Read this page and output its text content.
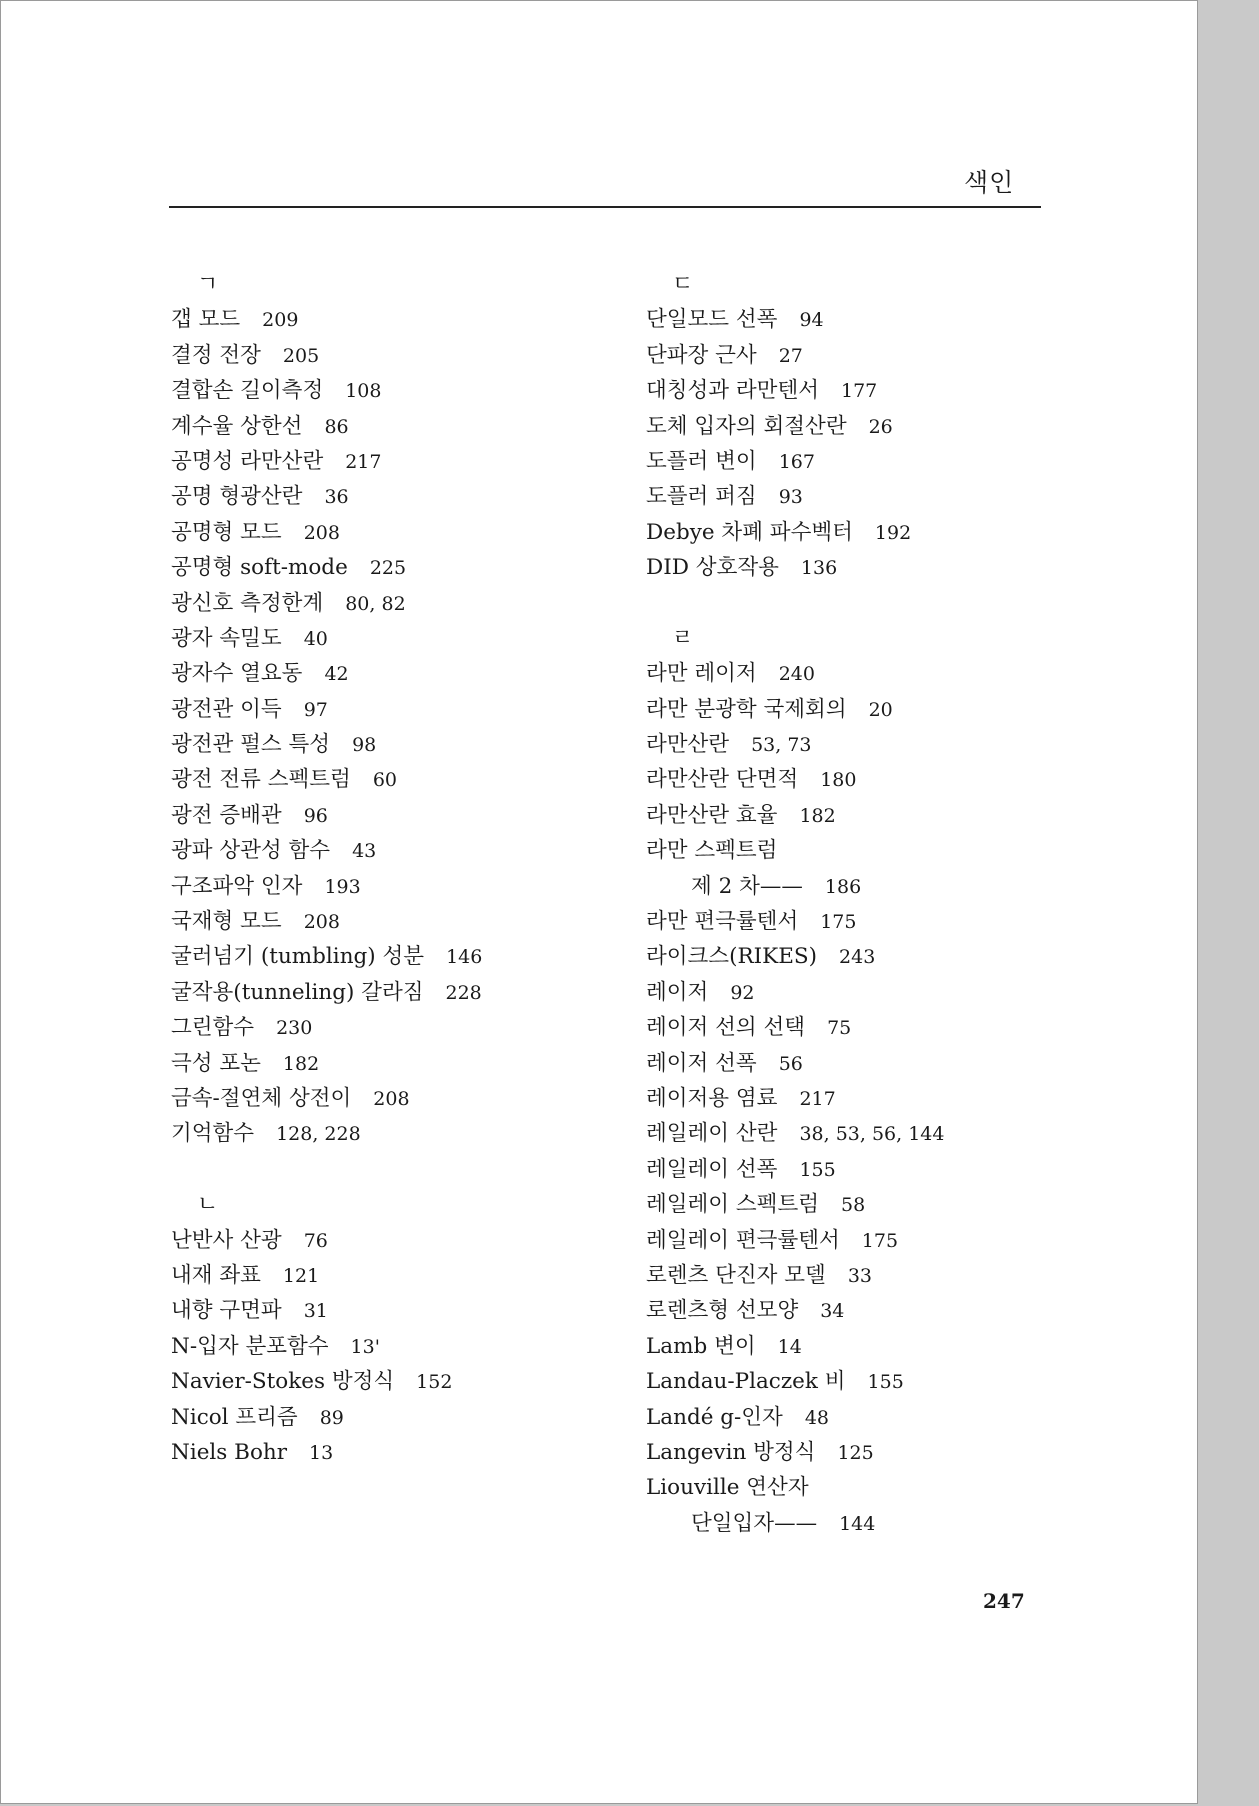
색인
ㄱ
갭 모드 209
결정 전장 205
결합손 길이측정 108
계수율 상한선 86
공명성 라만산란 217
공명 형광산란 36
공명형 모드 208
공명형 soft-mode 225
광신호 측정한계 80, 82
광자 속밀도 40
광자수 열요동 42
광전관 이득 97
광전관 펄스 특성 98
광전 전류 스펙트럼 60
광전 증배관 96
광파 상관성 함수 43
구조파악 인자 193
국재형 모드 208
굴러넘기 (tumbling) 성분 146
굴작용(tunneling) 갈라짐 228
그린함수 230
극성 포논 182
금속-절연체 상전이 208
기억함수 128, 228
ㄴ
난반사 산광 76
내재 좌표 121
내향 구면파 31
N-입자 분포함수 13'
Navier-Stokes 방정식 152
Nicol 프리즘 89
Niels Bohr 13
ㄷ
단일모드 선폭 94
단파장 근사 27
대칭성과 라만텐서 177
도체 입자의 회절산란 26
도플러 변이 167
도플러 퍼짐 93
Debye 차폐 파수벡터 192
DID 상호작용 136
ㄹ
라만 레이저 240
라만 분광학 국제회의 20
라만산란 53, 73
라만산란 단면적 180
라만산란 효율 182
라만 스펙트럼
제 2 차—— 186
라만 편극률텐서 175
라이크스(RIKES) 243
레이저 92
레이저 선의 선택 75
레이저 선폭 56
레이저용 염료 217
레일레이 산란 38, 53, 56, 144
레일레이 선폭 155
레일레이 스펙트럼 58
레일레이 편극률텐서 175
로렌츠 단진자 모델 33
로렌츠형 선모양 34
Lamb 변이 14
Landau-Placzek 비 155
Landé g-인자 48
Langevin 방정식 125
Liouville 연산자
단일입자—— 144
247
